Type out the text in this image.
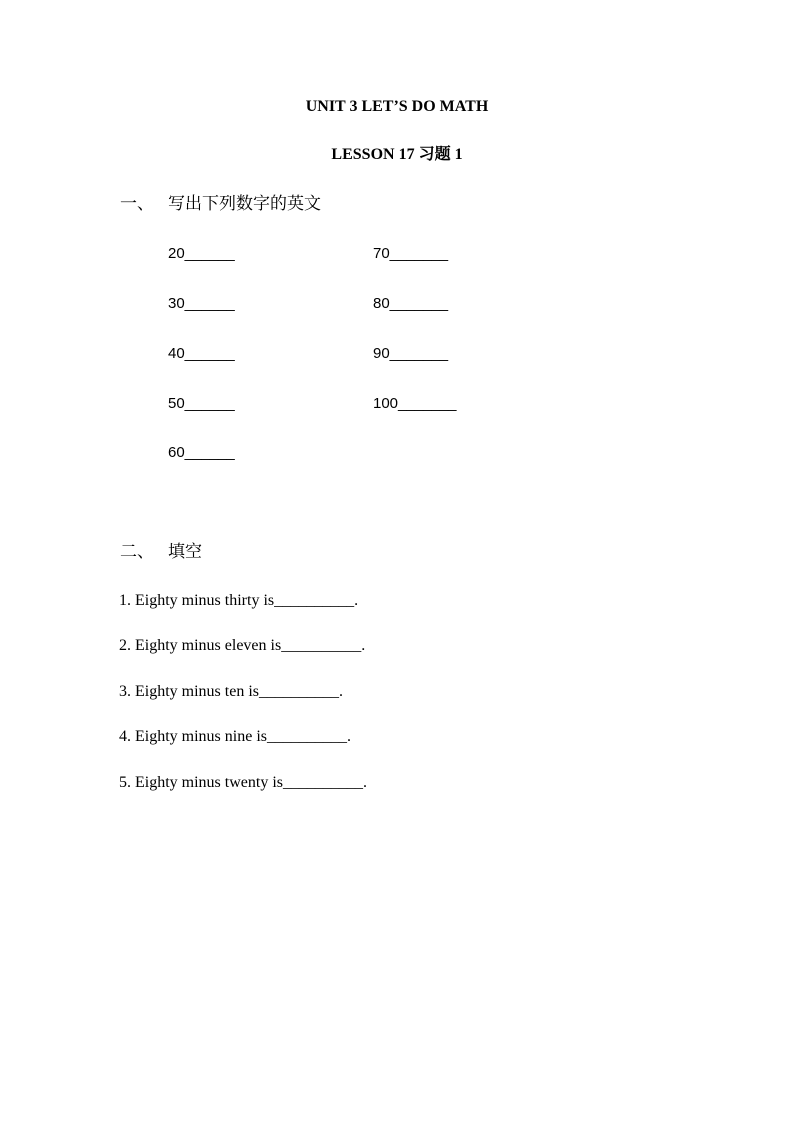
UNIT 3 LET’S DO MATH
LESSON 17 习题 1
一、 写出下列数字的英文
20______
30______
40______
50______
60______
70_______
80_______
90_______
100_______
二、 填空
1. Eighty minus thirty is__________.
2. Eighty minus eleven is__________.
3. Eighty minus ten is__________.
4. Eighty minus nine is__________.
5. Eighty minus twenty is__________.
